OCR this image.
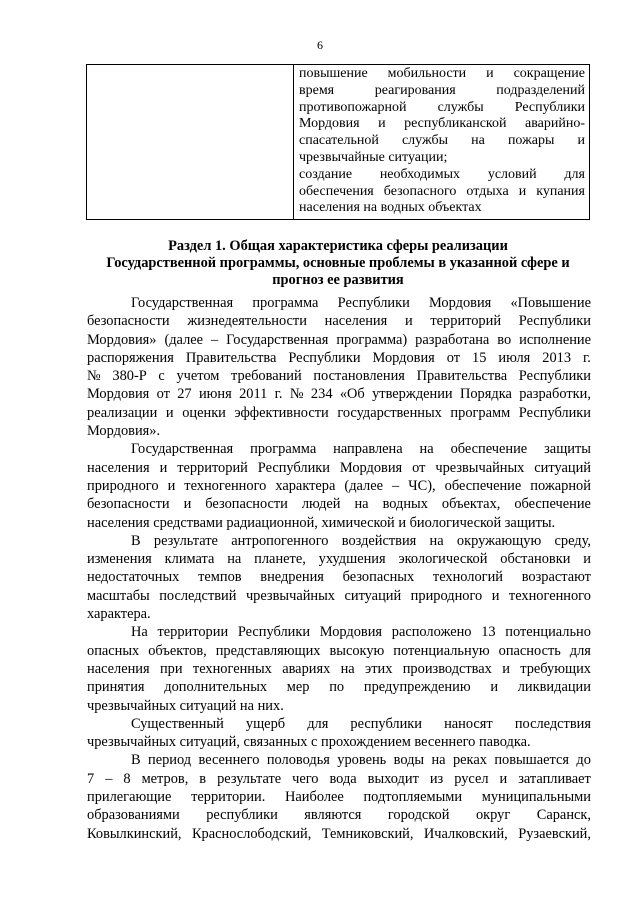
6

повышение мобильности и сокращение
время	реагирования	подразделений
противопожарной службы Республики
Мордовия и республиканской аварийно-
спасательной службы на пожары и
чрезвычайные ситуации;
создание необходимых условий для
обеспечения безопасного отдыха и купания
населения на водных объектах
Раздел 1. Общая характеристика сферы реализации
Государственной программы, основные проблемы в указанной сфере и
прогноз ее развития
Государственная программа Республики Мордовия «Повышение
безопасности жизнедеятельности населения и территорий Республики
Мордовия» (далее – Государственная программа) разработана во исполнение
распоряжения Правительства Республики Мордовия от 15 июля 2013 г.
№ 380-Р с учетом требований постановления Правительства Республики
Мордовия от 27 июня 2011 г. № 234 «Об утверждении Порядка разработки,
реализации и оценки эффективности государственных программ Республики
Мордовия».
Государственная программа направлена на обеспечение защиты
населения и территорий Республики Мордовия от чрезвычайных ситуаций
природного и техногенного характера (далее – ЧС), обеспечение пожарной
безопасности и безопасности людей на водных объектах, обеспечение
населения средствами радиационной, химической и биологической защиты.
В результате антропогенного воздействия на окружающую среду,
изменения климата на планете, ухудшения экологической обстановки и
недостаточных темпов внедрения безопасных технологий возрастают
масштабы последствий чрезвычайных ситуаций природного и техногенного
характера.
На территории Республики Мордовия расположено 13 потенциально
опасных объектов, представляющих высокую потенциальную опасность для
населения при техногенных авариях на этих производствах и требующих
принятия дополнительных мер по предупреждению и ликвидации
чрезвычайных ситуаций на них.
Существенный ущерб для республики наносят последствия
чрезвычайных ситуаций, связанных с прохождением весеннего паводка.
В период весеннего половодья уровень воды на реках повышается до
7 – 8 метров, в результате чего вода выходит из русел и затапливает
прилегающие территории. Наиболее подтопляемыми муниципальными
образованиями республики являются городской округ Саранск,
Ковылкинский, Краснослободский, Темниковский, Ичалковский, Рузаевский,
